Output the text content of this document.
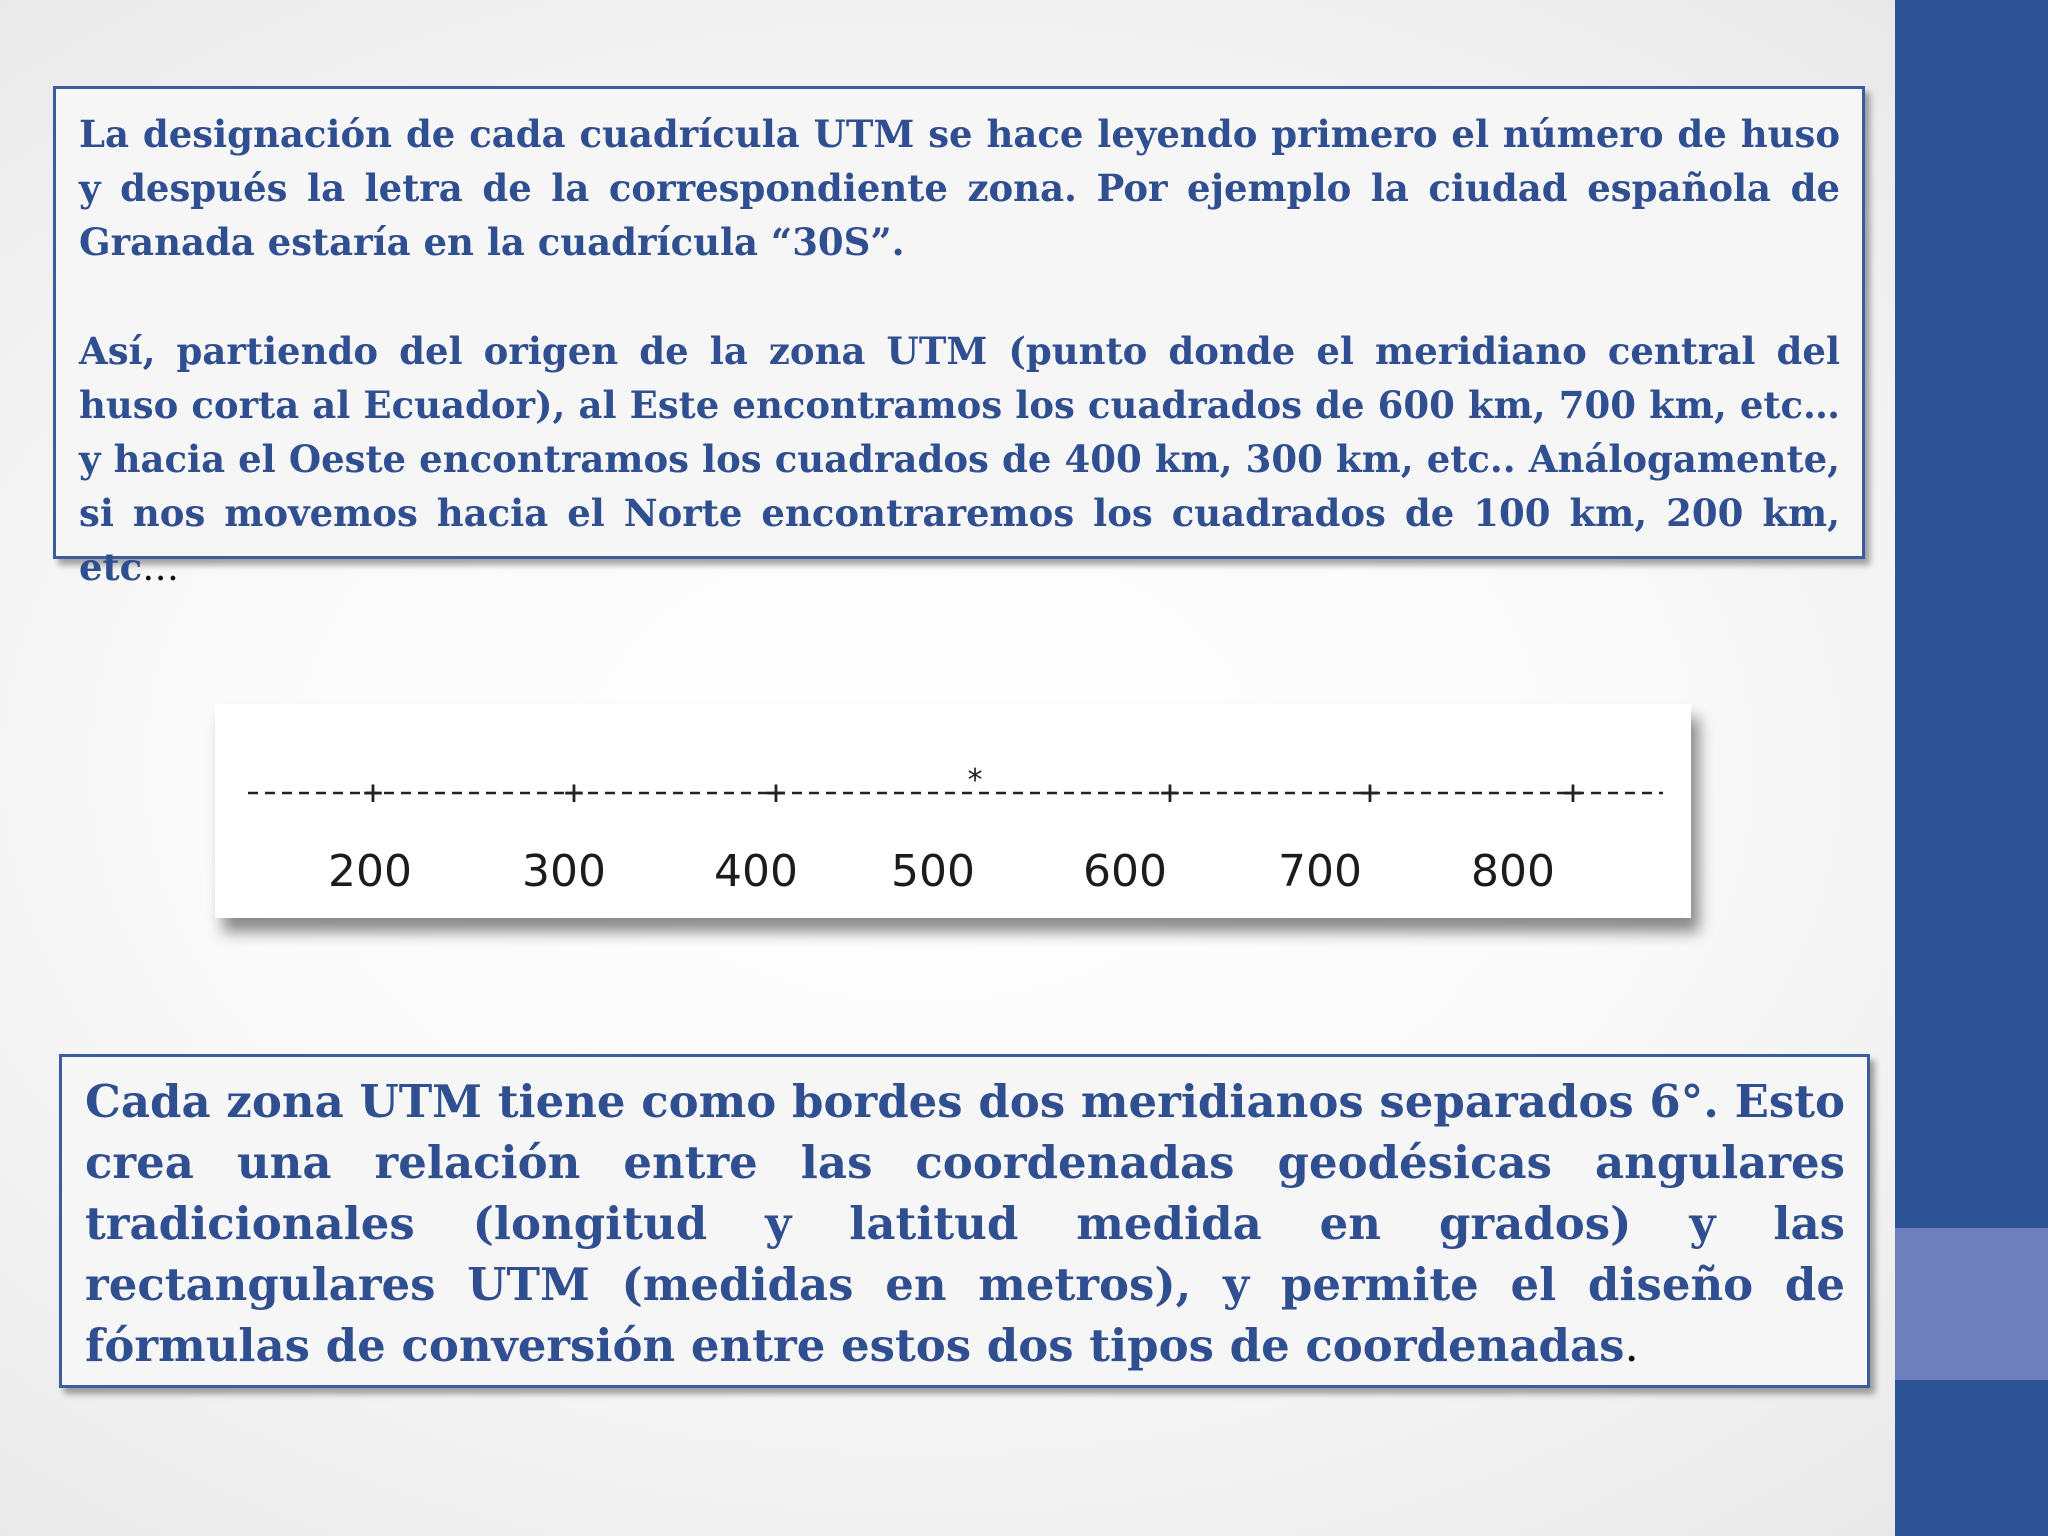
La designación de cada cuadrícula UTM se hace leyendo primero el número de huso y después la letra de la correspondiente zona. Por ejemplo la ciudad española de Granada estaría en la cuadrícula “30S”.

Así, partiendo del origen de la zona UTM (punto donde el meridiano central del huso corta al Ecuador), al Este encontramos los cuadrados de 600 km, 700 km, etc… y hacia el Oeste encontramos los cuadrados de 400 km, 300 km, etc.. Análogamente, si nos movemos hacia el Norte encontraremos los cuadrados de 100 km, 200 km, etc…

+	+	+	*	+	+	+
200	300 400 500 600	700 800

Cada zona UTM tiene como bordes dos meridianos separados 6°. Esto crea una relación entre las coordenadas geodésicas angulares tradicionales (longitud y latitud medida en grados) y las rectangulares UTM (medidas en metros), y permite el diseño de fórmulas de conversión entre estos dos tipos de coordenadas.
